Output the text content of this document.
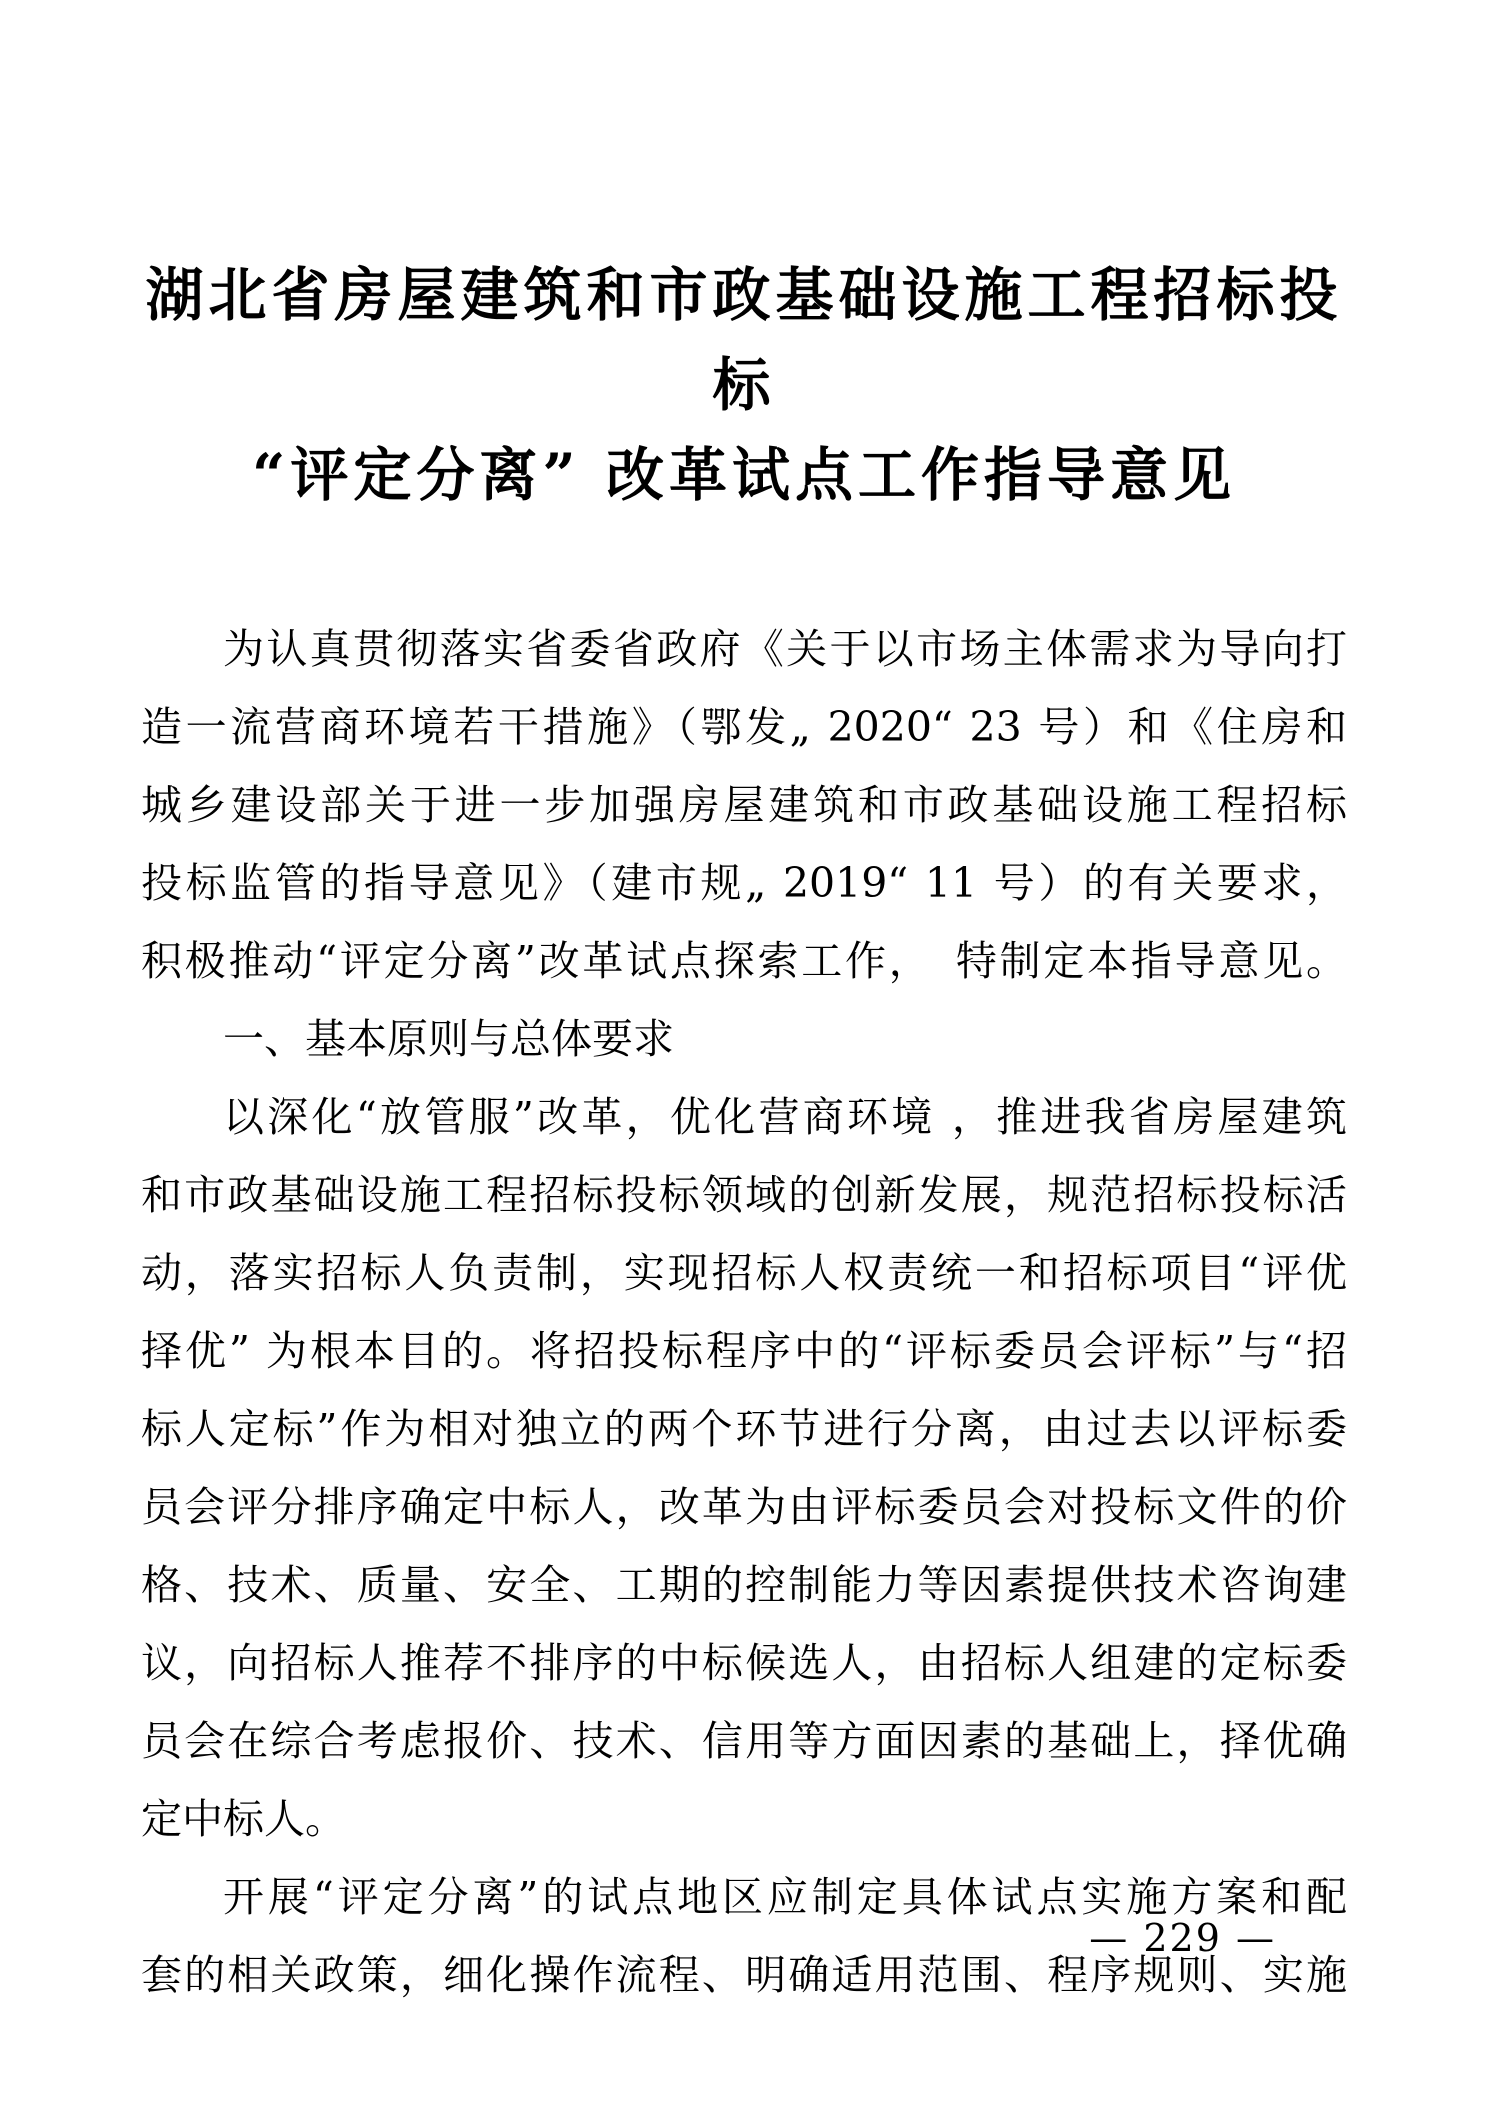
湖北省房屋建筑和市政基础设施工程招标投标
“评定分离” 改革试点工作指导意见
为认真贯彻落实省委省政府《关于以市场主体需求为导向打
造一流营商环境若干措施》（鄂发„ 2020“ 23 号）和《住房和
城乡建设部关于进一步加强房屋建筑和市政基础设施工程招标
投标监管的指导意见》（建市规„ 2019“ 11 号）的有关要求，
积极推动“评定分离”改革试点探索工作，　特制定本指导意见。
一、基本原则与总体要求
以深化“放管服”改革，优化营商环境 ，推进我省房屋建筑
和市政基础设施工程招标投标领域的创新发展，规范招标投标活
动，落实招标人负责制，实现招标人权责统一和招标项目“评优
择优” 为根本目的。将招投标程序中的“评标委员会评标”与“招
标人定标”作为相对独立的两个环节进行分离，由过去以评标委
员会评分排序确定中标人，改革为由评标委员会对投标文件的价
格、技术、质量、安全、工期的控制能力等因素提供技术咨询建
议，向招标人推荐不排序的中标候选人，由招标人组建的定标委
员会在综合考虑报价、技术、信用等方面因素的基础上，择优确
定中标人。
开展“评定分离”的试点地区应制定具体试点实施方案和配
套的相关政策，细化操作流程、明确适用范围、程序规则、实施
— 229 —
